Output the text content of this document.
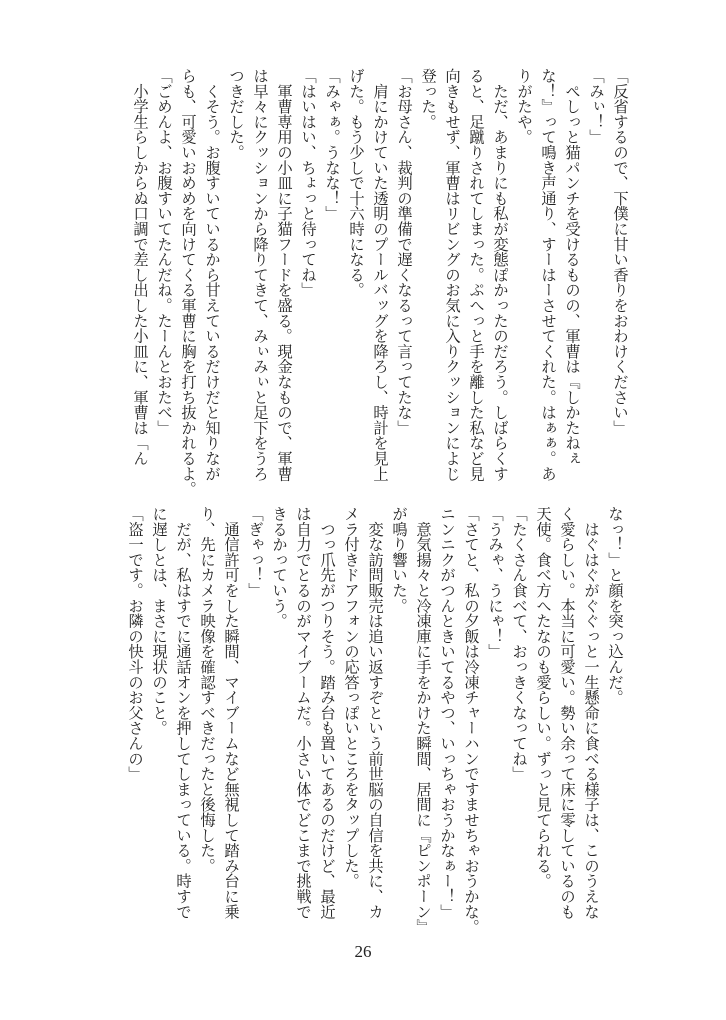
「反省するので、下僕に甘い香りをおわけください」
「みぃ！」
　ぺしっと猫パンチを受けるものの、軍曹は『しかたねぇ
な！』って鳴き声通り、すーはーさせてくれた。はぁぁ。あ
りがたや。
　ただ、あまりにも私が変態ぽかったのだろう。しばらくす
ると、足蹴りされてしまった。ぷへっと手を離した私など見
向きもせず、軍曹はリビングのお気に入りクッションによじ
登った。
「お母さん、裁判の準備で遅くなるって言ってたな」
　肩にかけていた透明のプールバッグを降ろし、時計を見上
げた。もう少しで十六時になる。
「みゃぁ。うなな！」
「はいはい、ちょっと待ってね」
　軍曹専用の小皿に子猫フードを盛る。現金なもので、軍曹
は早々にクッションから降りてきて、みぃみぃと足下をうろ
つきだした。
　くそう。お腹すいているから甘えているだけだと知りなが
らも、可愛いおめめを向けてくる軍曹に胸を打ち抜かれるよ。
「ごめんよ、お腹すいてたんだね。たーんとおたべ」
　小学生らしからぬ口調で差し出した小皿に、軍曹は「ん
なっ！」と顔を突っ込んだ。
　はぐはぐがぐぐっと一生懸命に食べる様子は、このうえな
く愛らしい。本当に可愛い。勢い余って床に零しているのも
天使。食べ方へたなのも愛らしい。ずっと見てられる。
「たくさん食べて、おっきくなってね」
「うみゃ、うにゃ！」
「さてと、私の夕飯は冷凍チャーハンですませちゃおうかな。
ニンニクがつんときいてるやつ、いっちゃおうかなぁー！」
　意気揚々と冷凍庫に手をかけた瞬間、居間に『ピンポーン』
が鳴り響いた。
　変な訪問販売は追い返すぞという前世脳の自信を共に、カ
メラ付きドアフォンの応答っぽいところをタップした。
　つっ爪先がつりそう。踏み台も置いてあるのだけど、最近
は自力でとるのがマイブームだ。小さい体でどこまで挑戦で
きるかっていう。
「ぎゃっ！」
　通信許可をした瞬間、マイブームなど無視して踏み台に乗
り、先にカメラ映像を確認すべきだったと後悔した。
　だが、私はすでに通話オンを押してしまっている。時すで
に遅しとは、まさに現状のこと。
「盗一です。お隣の快斗のお父さんの」
26
